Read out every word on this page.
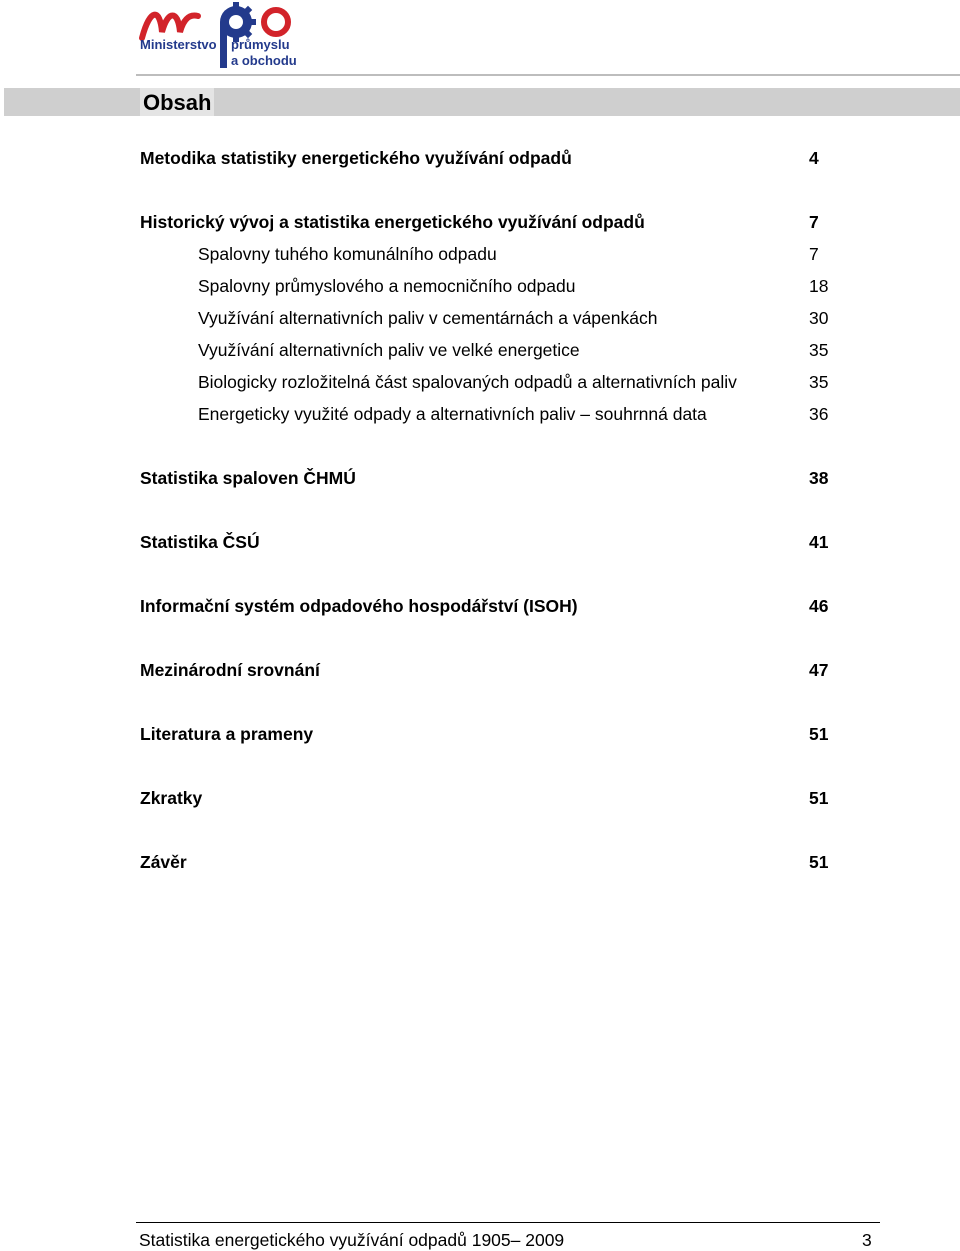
Ministerstvo průmyslu
a obchodu
Obsah
Metodika statistiky energetického využívání odpadů	4
Historický vývoj a statistika energetického využívání odpadů	7
Spalovny tuhého komunálního odpadu	7
Spalovny průmyslového a nemocničního odpadu	18
Využívání alternativních paliv v cementárnách a vápenkách	30
Využívání alternativních paliv ve velké energetice	35
Biologicky rozložitelná část spalovaných odpadů a alternativních paliv	35
Energeticky využité odpady a alternativních paliv – souhrnná data	36
Statistika spaloven ČHMÚ	38
Statistika ČSÚ	41
Informační systém odpadového hospodářství (ISOH)	46
Mezinárodní srovnání	47
Literatura a prameny	51
Zkratky	51
Závěr	51
Statistika energetického využívání odpadů 1905– 2009	3
